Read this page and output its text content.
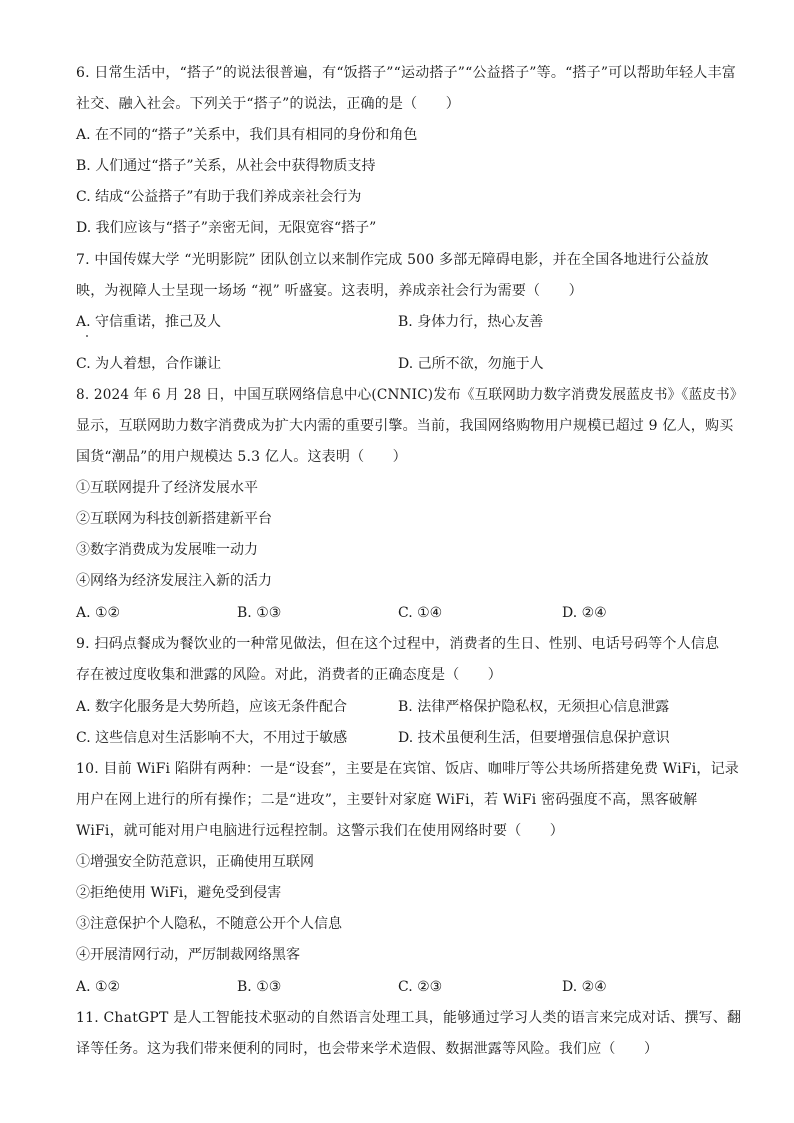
6. 日常生活中，“搭子”的说法很普遍，有“饭搭子”“运动搭子”“公益搭子”等。“搭子”可以帮助年轻人丰富
社交、融入社会。下列关于“搭子”的说法，正确的是（　　）
A. 在不同的“搭子”关系中，我们具有相同的身份和角色
B. 人们通过“搭子”关系，从社会中获得物质支持
C. 结成“公益搭子”有助于我们养成亲社会行为
D. 我们应该与“搭子”亲密无间，无限宽容“搭子”
7. 中国传媒大学 “光明影院” 团队创立以来制作完成 500 多部无障碍电影，并在全国各地进行公益放
映，为视障人士呈现一场场 “视” 听盛宴。这表明，养成亲社会行为需要（　　）
A. 守信重诺，推己及人	B. 身体力行，热心友善
C. 为人着想，合作谦让	D. 己所不欲，勿施于人
8. 2024 年 6 月 28 日，中国互联网络信息中心(CNNIC)发布《互联网助力数字消费发展蓝皮书》《蓝皮书》
显示，互联网助力数字消费成为扩大内需的重要引擎。当前，我国网络购物用户规模已超过 9 亿人，购买
国货“潮品”的用户规模达 5.3 亿人。这表明（　　）
①互联网提升了经济发展水平
②互联网为科技创新搭建新平台
③数字消费成为发展唯一动力
④网络为经济发展注入新的活力
A. ①②	B. ①③	C. ①④	D. ②④
9. 扫码点餐成为餐饮业的一种常见做法，但在这个过程中，消费者的生日、性别、电话号码等个人信息
存在被过度收集和泄露的风险。对此，消费者的正确态度是（　　）
A. 数字化服务是大势所趋，应该无条件配合	B. 法律严格保护隐私权，无须担心信息泄露
C. 这些信息对生活影响不大，不用过于敏感	D. 技术虽便利生活，但要增强信息保护意识
10. 目前 WiFi 陷阱有两种：一是“设套”，主要是在宾馆、饭店、咖啡厅等公共场所搭建免费 WiFi，记录
用户在网上进行的所有操作；二是“进攻”，主要针对家庭 WiFi，若 WiFi 密码强度不高，黑客破解
WiFi，就可能对用户电脑进行远程控制。这警示我们在使用网络时要（　　）
①增强安全防范意识，正确使用互联网
②拒绝使用 WiFi，避免受到侵害
③注意保护个人隐私，不随意公开个人信息
④开展清网行动，严厉制裁网络黑客
A. ①②	B. ①③	C. ②③	D. ②④
11. ChatGPT 是人工智能技术驱动的自然语言处理工具，能够通过学习人类的语言来完成对话、撰写、翻
译等任务。这为我们带来便利的同时，也会带来学术造假、数据泄露等风险。我们应（　　）
